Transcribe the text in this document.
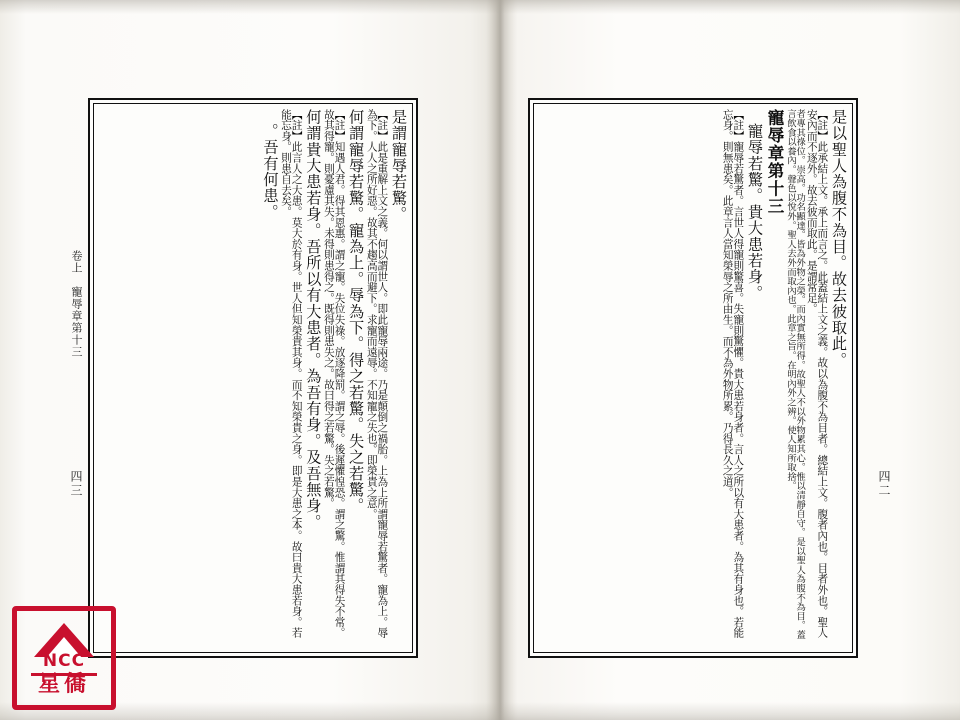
是謂寵辱若驚。
【註】此是重解上文之義。何以謂世人。即此寵辱兩途。乃是顛倒之禍胎。上為上所謂寵辱若驚者。寵為上。辱為下。人人之所好惡。故其不趨高而避下。求寵而遠辱。不知寵之失也。即榮貴之意。
何謂寵辱若驚。寵為上。辱為下。得之若驚。失之若驚。
【註】知遇人君。得其恩惠。謂之寵。失位失祿。放逐降罰。謂之辱。後遲懼惶恐。謂之驚。惟謂其得失不常。故其得寵。則憂慮其失。未得則患得之。既得則患失之。故曰得之若驚。失之若驚。
何謂貴大患若身。吾所以有大患者。為吾有身。及吾無身。
【註】此言人之大患。莫大於有身。世人但知榮貴其身。而不知榮貴之身。即是大患之本。故曰貴大患若身。若能忘身。則患自去矣。
。吾有何患。
卷上　寵辱章第十三
四三
是以聖人為腹不為目。故去彼取此。
【註】此承結上文。承上而言之。此蓋結上文之義。故以為腹不為目者。總結上文。腹者內也。目者外也。聖人安內而不逐外。故去彼而取此。是謂常足。
者專其祿位。崇高。功名顯達。皆為外物之榮。而內實無所得。故聖人不以外物累其心。惟以清靜自守。是以聖人為腹不為目。蓋言飲食以養內。聲色以悅外。聖人去外而取內也。此章之旨。在明內外之辨。使人知所取捨。
寵辱章第十三
寵辱若驚。貴大患若身。
【註】寵辱若驚者。言世人得寵則驚喜。失寵則驚懼。貴大患若身者。言人之所以有大患者。為其有身也。若能忘身。則無患矣。此章言人當知榮辱之所由生。而不為外物所累。乃得長久之道。	四二
NCC
星僑
